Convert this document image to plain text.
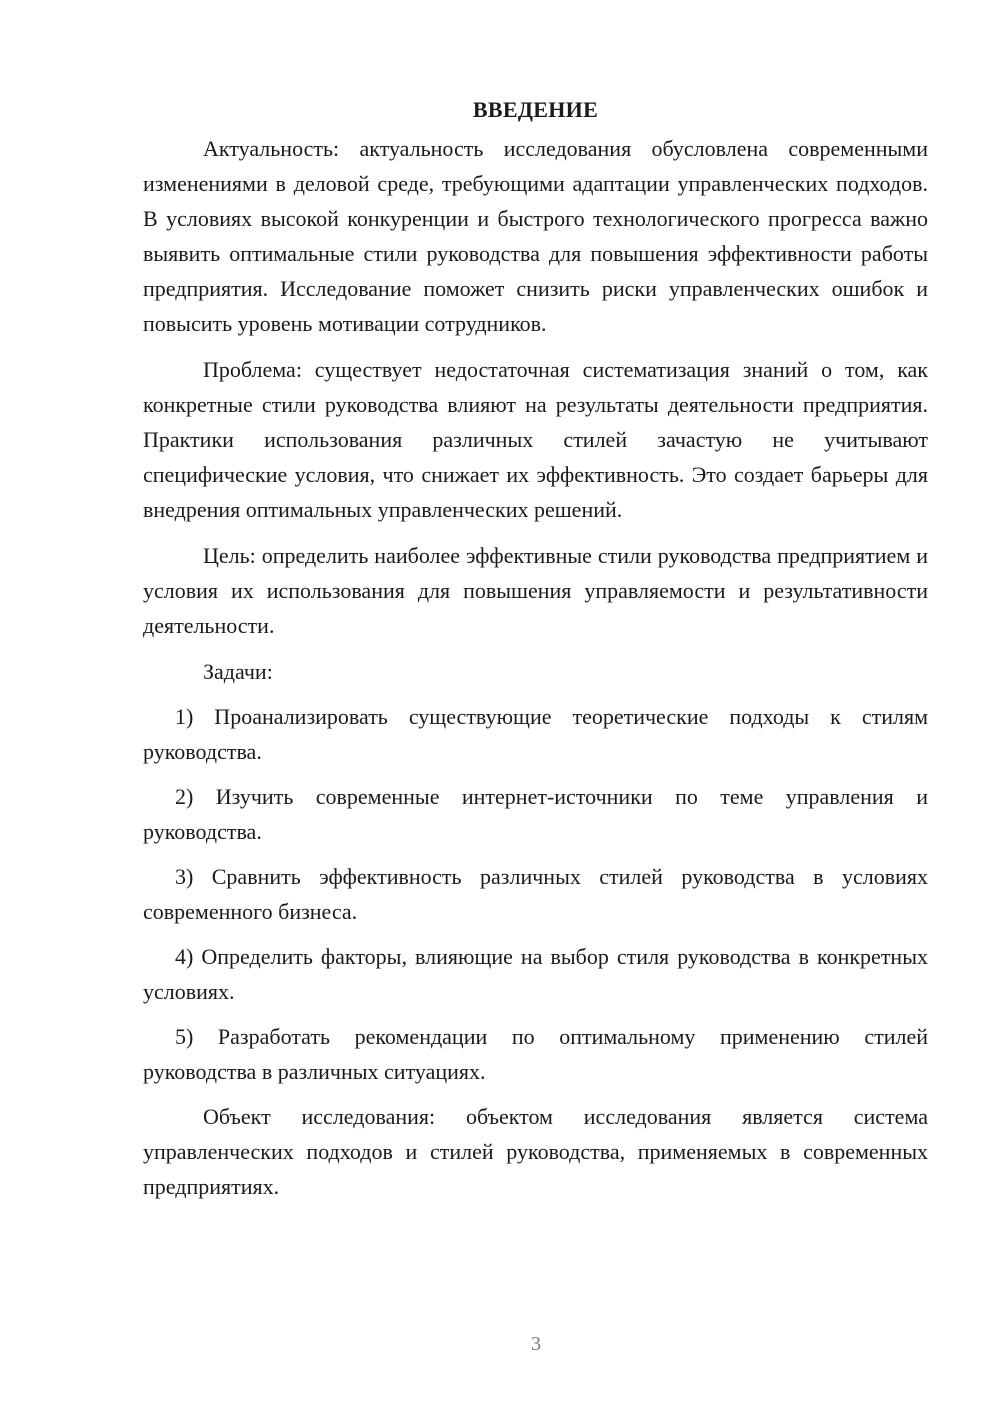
ВВЕДЕНИЕ

Актуальность: актуальность исследования обусловлена современными изменениями в деловой среде, требующими адаптации управленческих подходов. В условиях высокой конкуренции и быстрого технологического прогресса важно выявить оптимальные стили руководства для повышения эффективности работы предприятия. Исследование поможет снизить риски управленческих ошибок и повысить уровень мотивации сотрудников.

Проблема: существует недостаточная систематизация знаний о том, как конкретные стили руководства влияют на результаты деятельности предприятия. Практики использования различных стилей зачастую не учитывают специфические условия, что снижает их эффективность. Это создает барьеры для внедрения оптимальных управленческих решений.

Цель: определить наиболее эффективные стили руководства предприятием и условия их использования для повышения управляемости и результативности деятельности.

Задачи:

1) Проанализировать существующие теоретические подходы к стилям руководства.

2) Изучить современные интернет-источники по теме управления и руководства.

3) Сравнить эффективность различных стилей руководства в условиях современного бизнеса.

4) Определить факторы, влияющие на выбор стиля руководства в конкретных условиях.

5) Разработать рекомендации по оптимальному применению стилей руководства в различных ситуациях.

Объект исследования: объектом исследования является система управленческих подходов и стилей руководства, применяемых в современных предприятиях.

3
